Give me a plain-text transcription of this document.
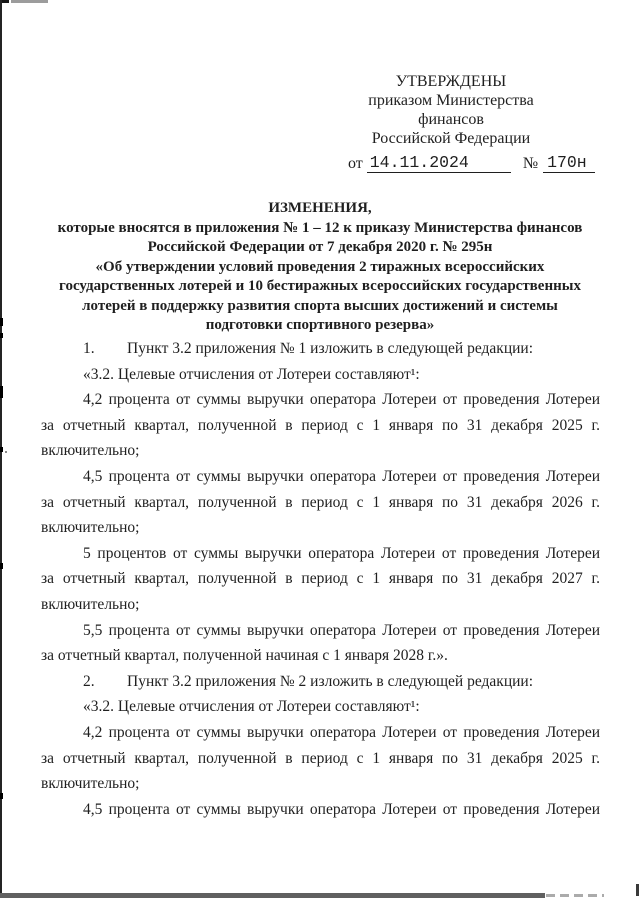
УТВЕРЖДЕНЫ
приказом Министерства финансов
Российской Федерации
от 14.11.2024	№ 170н
ИЗМЕНЕНИЯ,
которые вносятся в приложения № 1 – 12 к приказу Министерства финансов
Российской Федерации от 7 декабря 2020 г. № 295н
«Об утверждении условий проведения 2 тиражных всероссийских
государственных лотерей и 10 бестиражных всероссийских государственных
лотерей в поддержку развития спорта высших достижений и системы
подготовки спортивного резерва»
1. Пункт 3.2 приложения № 1 изложить в следующей редакции:
«3.2. Целевые отчисления от Лотереи составляют¹:
4,2 процента от суммы выручки оператора Лотереи от проведения Лотереи
за отчетный квартал, полученной в период с 1 января по 31 декабря 2025 г.
включительно;
4,5 процента от суммы выручки оператора Лотереи от проведения Лотереи
за отчетный квартал, полученной в период с 1 января по 31 декабря 2026 г.
включительно;
5 процентов от суммы выручки оператора Лотереи от проведения Лотереи
за отчетный квартал, полученной в период с 1 января по 31 декабря 2027 г.
включительно;
5,5 процента от суммы выручки оператора Лотереи от проведения Лотереи
за отчетный квартал, полученной начиная с 1 января 2028 г.».
2. Пункт 3.2 приложения № 2 изложить в следующей редакции:
«3.2. Целевые отчисления от Лотереи составляют¹:
4,2 процента от суммы выручки оператора Лотереи от проведения Лотереи
за отчетный квартал, полученной в период с 1 января по 31 декабря 2025 г.
включительно;
4,5 процента от суммы выручки оператора Лотереи от проведения Лотереи
